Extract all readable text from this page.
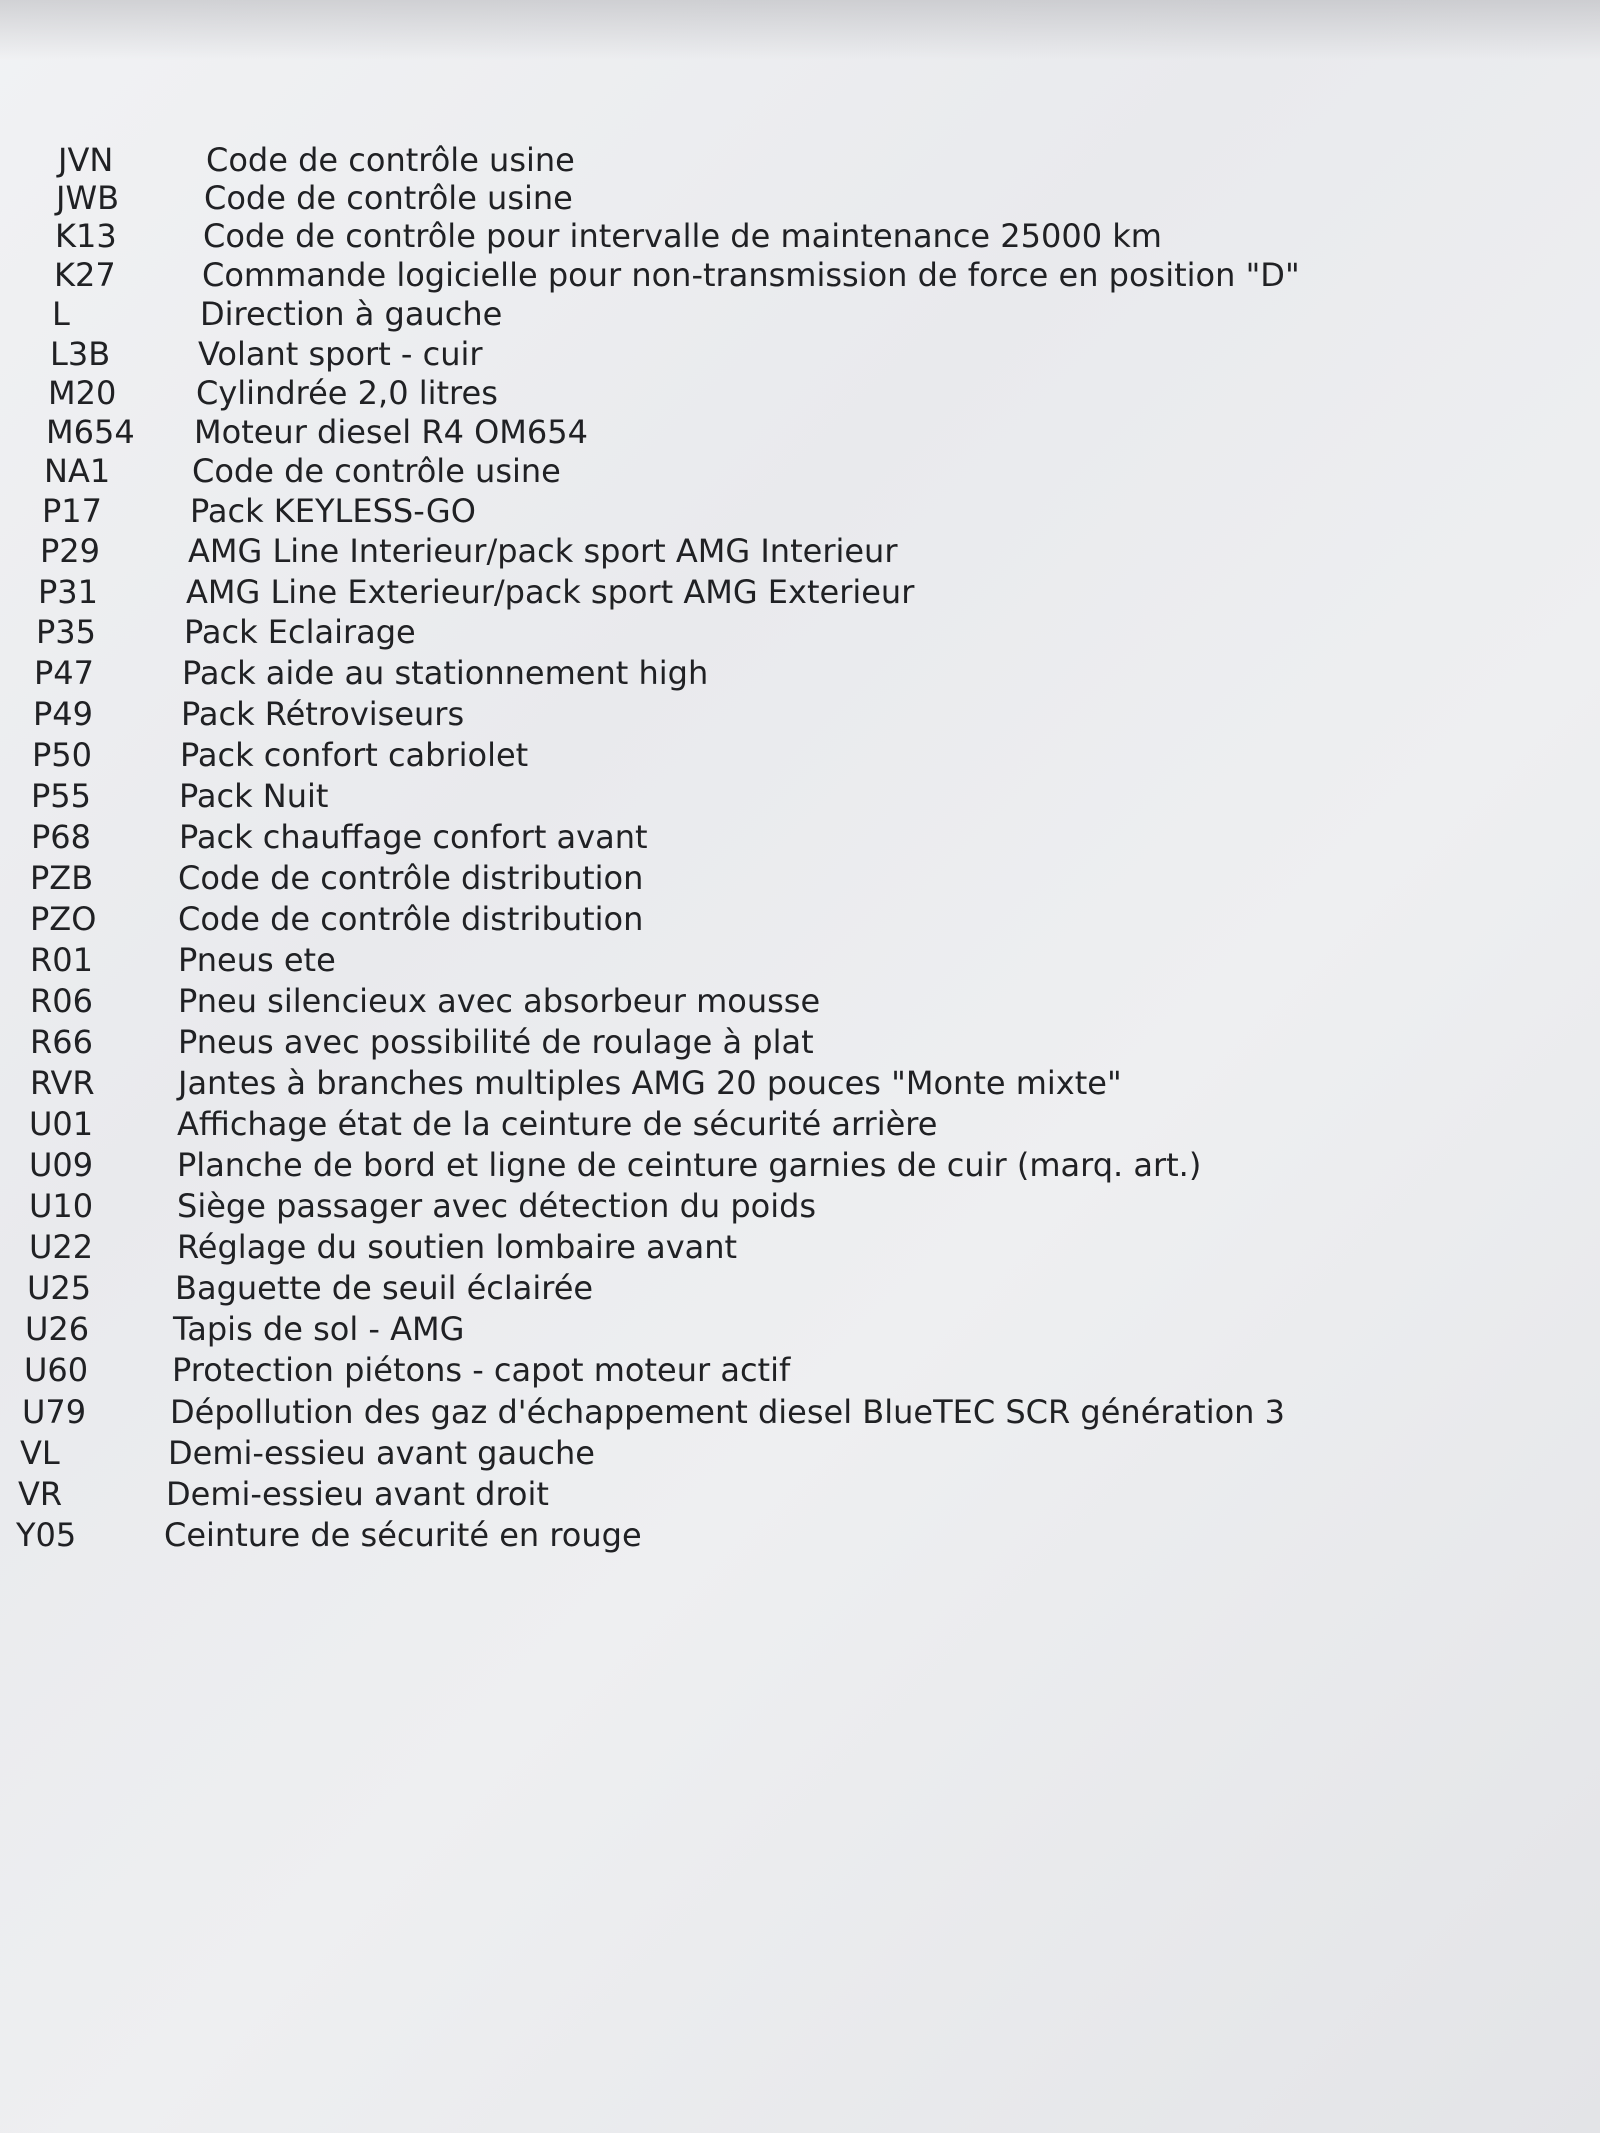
JVN	Code de contrôle usine
JWB	Code de contrôle usine
K13	Code de contrôle pour intervalle de maintenance 25000 km
K27	Commande logicielle pour non-transmission de force en position "D"
L	Direction à gauche
L3B	Volant sport - cuir
M20	Cylindrée 2,0 litres
M654	Moteur diesel R4 OM654
NA1	Code de contrôle usine
P17	Pack KEYLESS-GO
P29	AMG Line Interieur/pack sport AMG Interieur
P31	AMG Line Exterieur/pack sport AMG Exterieur
P35	Pack Eclairage
P47	Pack aide au stationnement high
P49	Pack Rétroviseurs
P50	Pack confort cabriolet
P55	Pack Nuit
P68	Pack chauffage confort avant
PZB	Code de contrôle distribution
PZO	Code de contrôle distribution
R01	Pneus ete
R06	Pneu silencieux avec absorbeur mousse
R66	Pneus avec possibilité de roulage à plat
RVR	Jantes à branches multiples AMG 20 pouces "Monte mixte"
U01	Affichage état de la ceinture de sécurité arrière
U09	Planche de bord et ligne de ceinture garnies de cuir (marq. art.)
U10	Siège passager avec détection du poids
U22	Réglage du soutien lombaire avant
U25	Baguette de seuil éclairée
U26	Tapis de sol - AMG
U60	Protection piétons - capot moteur actif
U79	Dépollution des gaz d'échappement diesel BlueTEC SCR génération 3
VL	Demi-essieu avant gauche
VR	Demi-essieu avant droit
Y05	Ceinture de sécurité en rouge
